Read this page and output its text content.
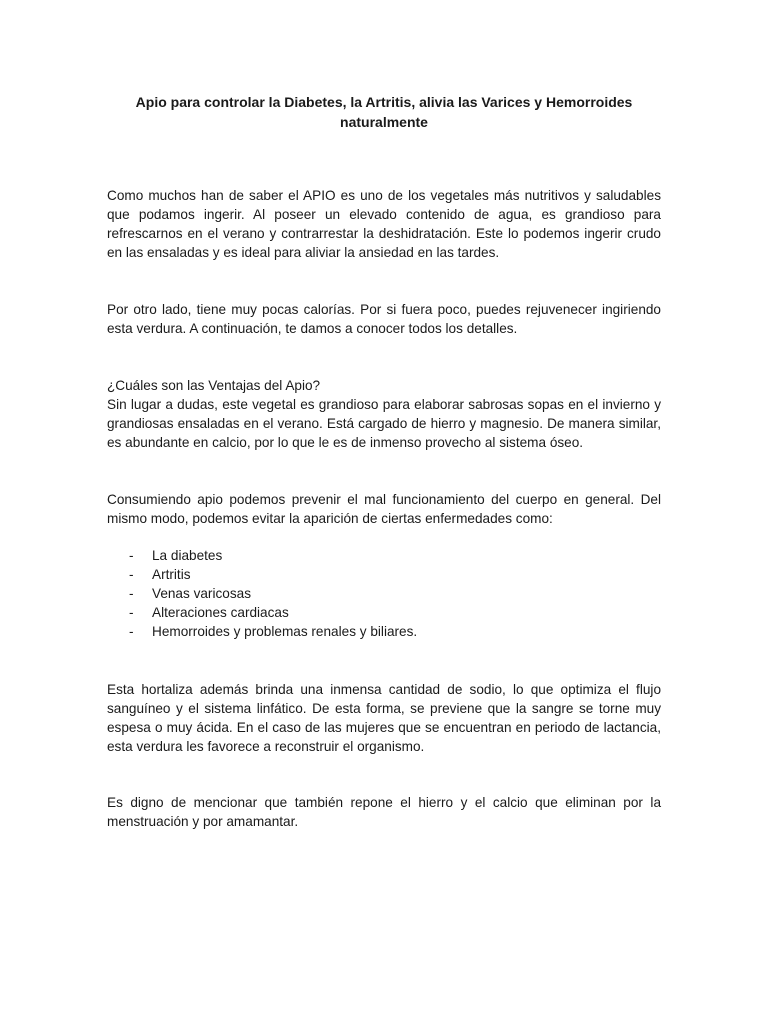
Apio para controlar la Diabetes, la Artritis, alivia las Varices y Hemorroides naturalmente

Como muchos han de saber el APIO es uno de los vegetales más nutritivos y saludables que podamos ingerir. Al poseer un elevado contenido de agua, es grandioso para refrescarnos en el verano y contrarrestar la deshidratación. Este lo podemos ingerir crudo en las ensaladas y es ideal para aliviar la ansiedad en las tardes.

Por otro lado, tiene muy pocas calorías. Por si fuera poco, puedes rejuvenecer ingiriendo esta verdura. A continuación, te damos a conocer todos los detalles.

¿Cuáles son las Ventajas del Apio?
Sin lugar a dudas, este vegetal es grandioso para elaborar sabrosas sopas en el invierno y grandiosas ensaladas en el verano. Está cargado de hierro y magnesio. De manera similar, es abundante en calcio, por lo que le es de inmenso provecho al sistema óseo.

Consumiendo apio podemos prevenir el mal funcionamiento del cuerpo en general. Del mismo modo, podemos evitar la aparición de ciertas enfermedades como:

- La diabetes
- Artritis
- Venas varicosas
- Alteraciones cardiacas
- Hemorroides y problemas renales y biliares.

Esta hortaliza además brinda una inmensa cantidad de sodio, lo que optimiza el flujo sanguíneo y el sistema linfático. De esta forma, se previene que la sangre se torne muy espesa o muy ácida. En el caso de las mujeres que se encuentran en periodo de lactancia, esta verdura les favorece a reconstruir el organismo.

Es digno de mencionar que también repone el hierro y el calcio que eliminan por la menstruación y por amamantar.
